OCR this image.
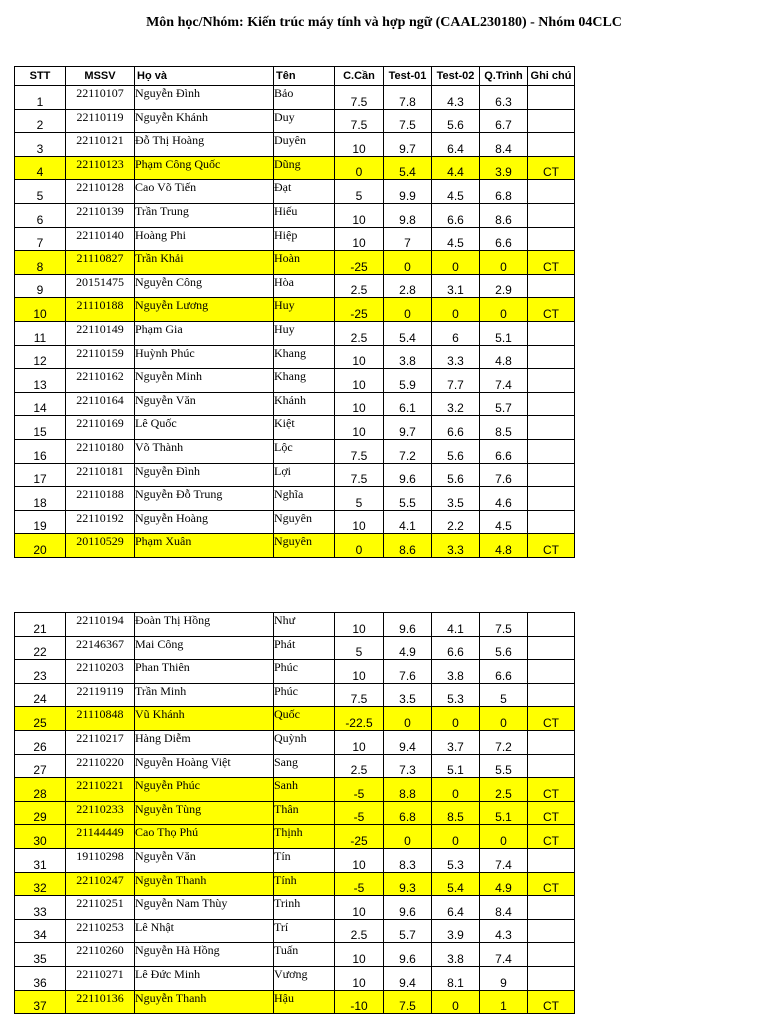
Môn học/Nhóm: Kiến trúc máy tính và hợp ngữ (CAAL230180) - Nhóm 04CLC
STT	MSSV	Họ và	Tên	C.Cần	Test-01	Test-02	Q.Trình	Ghi chú
1	22110107	Nguyễn Đình	Bảo	7.5	7.8	4.3	6.3	
2	22110119	Nguyễn Khánh	Duy	7.5	7.5	5.6	6.7	
3	22110121	Đỗ Thị Hoàng	Duyên	10	9.7	6.4	8.4	
4	22110123	Phạm Công Quốc	Dũng	0	5.4	4.4	3.9	CT
5	22110128	Cao Võ Tiến	Đạt	5	9.9	4.5	6.8	
6	22110139	Trần Trung	Hiếu	10	9.8	6.6	8.6	
7	22110140	Hoàng Phi	Hiệp	10	7	4.5	6.6	
8	21110827	Trần Khải	Hoàn	-25	0	0	0	CT
9	20151475	Nguyễn Công	Hòa	2.5	2.8	3.1	2.9	
10	21110188	Nguyễn Lương	Huy	-25	0	0	0	CT
11	22110149	Phạm Gia	Huy	2.5	5.4	6	5.1	
12	22110159	Huỳnh Phúc	Khang	10	3.8	3.3	4.8	
13	22110162	Nguyễn Minh	Khang	10	5.9	7.7	7.4	
14	22110164	Nguyễn Văn	Khánh	10	6.1	3.2	5.7	
15	22110169	Lê Quốc	Kiệt	10	9.7	6.6	8.5	
16	22110180	Võ Thành	Lộc	7.5	7.2	5.6	6.6	
17	22110181	Nguyễn Đình	Lợi	7.5	9.6	5.6	7.6	
18	22110188	Nguyễn Đỗ Trung	Nghĩa	5	5.5	3.5	4.6	
19	22110192	Nguyễn Hoàng	Nguyên	10	4.1	2.2	4.5	
20	20110529	Phạm Xuân	Nguyên	0	8.6	3.3	4.8	CT
21	22110194	Đoàn Thị Hồng	Như	10	9.6	4.1	7.5	
22	22146367	Mai Công	Phát	5	4.9	6.6	5.6	
23	22110203	Phan Thiên	Phúc	10	7.6	3.8	6.6	
24	22119119	Trần Minh	Phúc	7.5	3.5	5.3	5	
25	21110848	Vũ Khánh	Quốc	-22.5	0	0	0	CT
26	22110217	Hàng Diễm	Quỳnh	10	9.4	3.7	7.2	
27	22110220	Nguyễn Hoàng Việt	Sang	2.5	7.3	5.1	5.5	
28	22110221	Nguyễn Phúc	Sanh	-5	8.8	0	2.5	CT
29	22110233	Nguyễn Tùng	Thân	-5	6.8	8.5	5.1	CT
30	21144449	Cao Thọ Phú	Thịnh	-25	0	0	0	CT
31	19110298	Nguyễn Văn	Tín	10	8.3	5.3	7.4	
32	22110247	Nguyễn Thanh	Tính	-5	9.3	5.4	4.9	CT
33	22110251	Nguyễn Nam Thùy	Trinh	10	9.6	6.4	8.4	
34	22110253	Lê Nhật	Trí	2.5	5.7	3.9	4.3	
35	22110260	Nguyễn Hà Hồng	Tuấn	10	9.6	3.8	7.4	
36	22110271	Lê Đức Minh	Vương	10	9.4	8.1	9	
37	22110136	Nguyễn Thanh	Hậu	-10	7.5	0	1	CT
